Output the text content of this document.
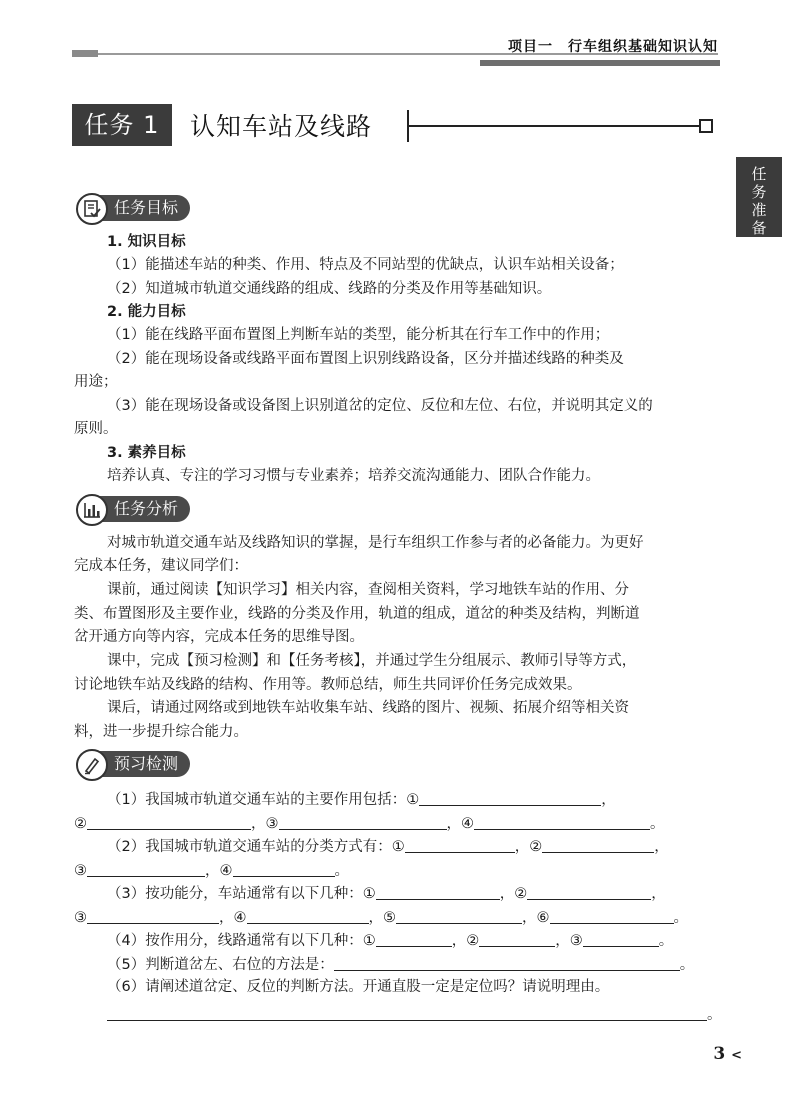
项目一　行车组织基础知识认知
任务 1	认知车站及线路
任
务
准
备
任务目标
1. 知识目标
（1）能描述车站的种类、作用、特点及不同站型的优缺点，认识车站相关设备；
（2）知道城市轨道交通线路的组成、线路的分类及作用等基础知识。
2. 能力目标
（1）能在线路平面布置图上判断车站的类型，能分析其在行车工作中的作用；
（2）能在现场设备或线路平面布置图上识别线路设备，区分并描述线路的种类及
用途；
（3）能在现场设备或设备图上识别道岔的定位、反位和左位、右位，并说明其定义的
原则。
3. 素养目标
培养认真、专注的学习习惯与专业素养；培养交流沟通能力、团队合作能力。
任务分析
对城市轨道交通车站及线路知识的掌握，是行车组织工作参与者的必备能力。为更好
完成本任务，建议同学们：
课前，通过阅读【知识学习】相关内容，查阅相关资料，学习地铁车站的作用、分
类、布置图形及主要作业，线路的分类及作用，轨道的组成，道岔的种类及结构，判断道
岔开通方向等内容，完成本任务的思维导图。
课中，完成【预习检测】和【任务考核】，并通过学生分组展示、教师引导等方式，
讨论地铁车站及线路的结构、作用等。教师总结，师生共同评价任务完成效果。
课后，请通过网络或到地铁车站收集车站、线路的图片、视频、拓展介绍等相关资
料，进一步提升综合能力。
预习检测
（1）我国城市轨道交通车站的主要作用包括：①	，
②	，③	，④	。
（2）我国城市轨道交通车站的分类方式有：①	，②	，
③	，④	。
（3）按功能分，车站通常有以下几种：①	，②	，
③	，④	，⑤	，⑥	。
（4）按作用分，线路通常有以下几种：①	，②	，③	。
（5）判断道岔左、右位的方法是：	。
（6）请阐述道岔定、反位的判断方法。开通直股一定是定位吗？请说明理由。
。
3 <
